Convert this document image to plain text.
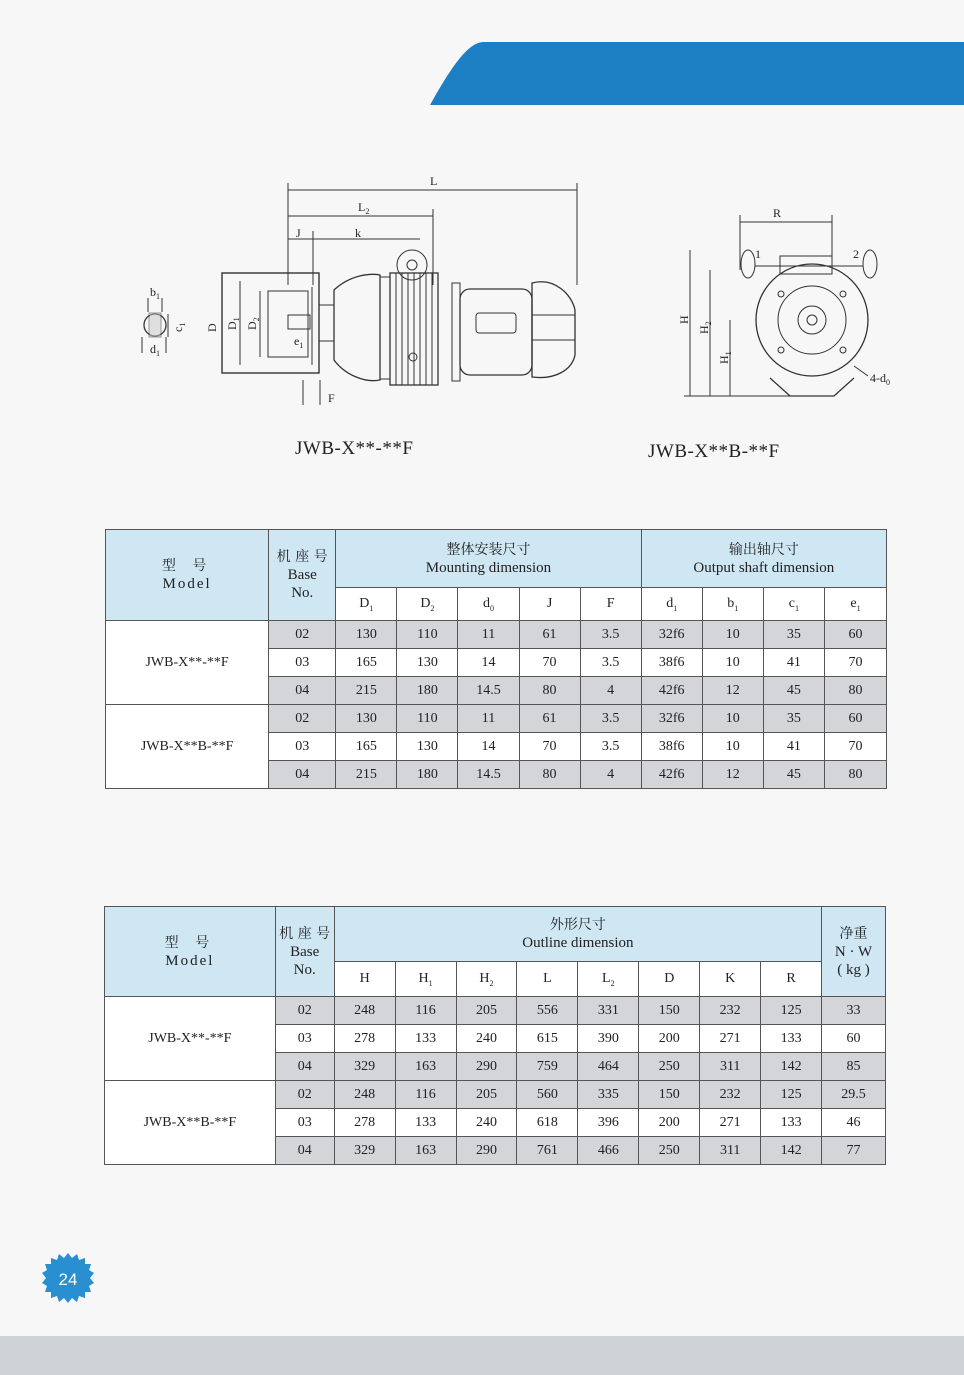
L
$L_2$
J	k
D $D_1$
$D_2$
$e_1$
F
$b_1$
$c_1$
$d_1$
JWB-X**-**F
R
1	2
H
$H_2$
$H_1$
$4-d_0$
JWB-X**B-**F
型 号
Model	机 座 号
Base
No.	整体安装尺寸
Mounting dimension					输出轴尺寸
Output shaft dimension			

		$D_1$	$D_2$	$d_0$	J	F	$d_1$	$b_1$	$c_1$	$e_1$
JWB-X**-**F	02	130	110	11	61	3.5	32f6	10	35	60
	03	165	130	14	70	3.5	38f6	10	41	70
	04	215	180	14.5	80	4	42f6	12	45	80
JWB-X**B-**F	02	130	110	11	61	3.5	32f6	10	35	60
	03	165	130	14	70	3.5	38f6	10	41	70
	04	215	180	14.5	80	4	42f6	12	45	80
型 号
Model	机 座 号
Base
No.	外形尺寸
Outline dimension								净重
N · W
( kg )

		H	$H_1$	$H_2$	L	$L_2$	D	K	R	
JWB-X**-**F	02	248	116	205	556	331	150	232	125	33
	03	278	133	240	615	390	200	271	133	60
	04	329	163	290	759	464	250	311	142	85
JWB-X**B-**F	02	248	116	205	560	335	150	232	125	29.5
	03	278	133	240	618	396	200	271	133	46
	04	329	163	290	761	466	250	311	142	77
24
